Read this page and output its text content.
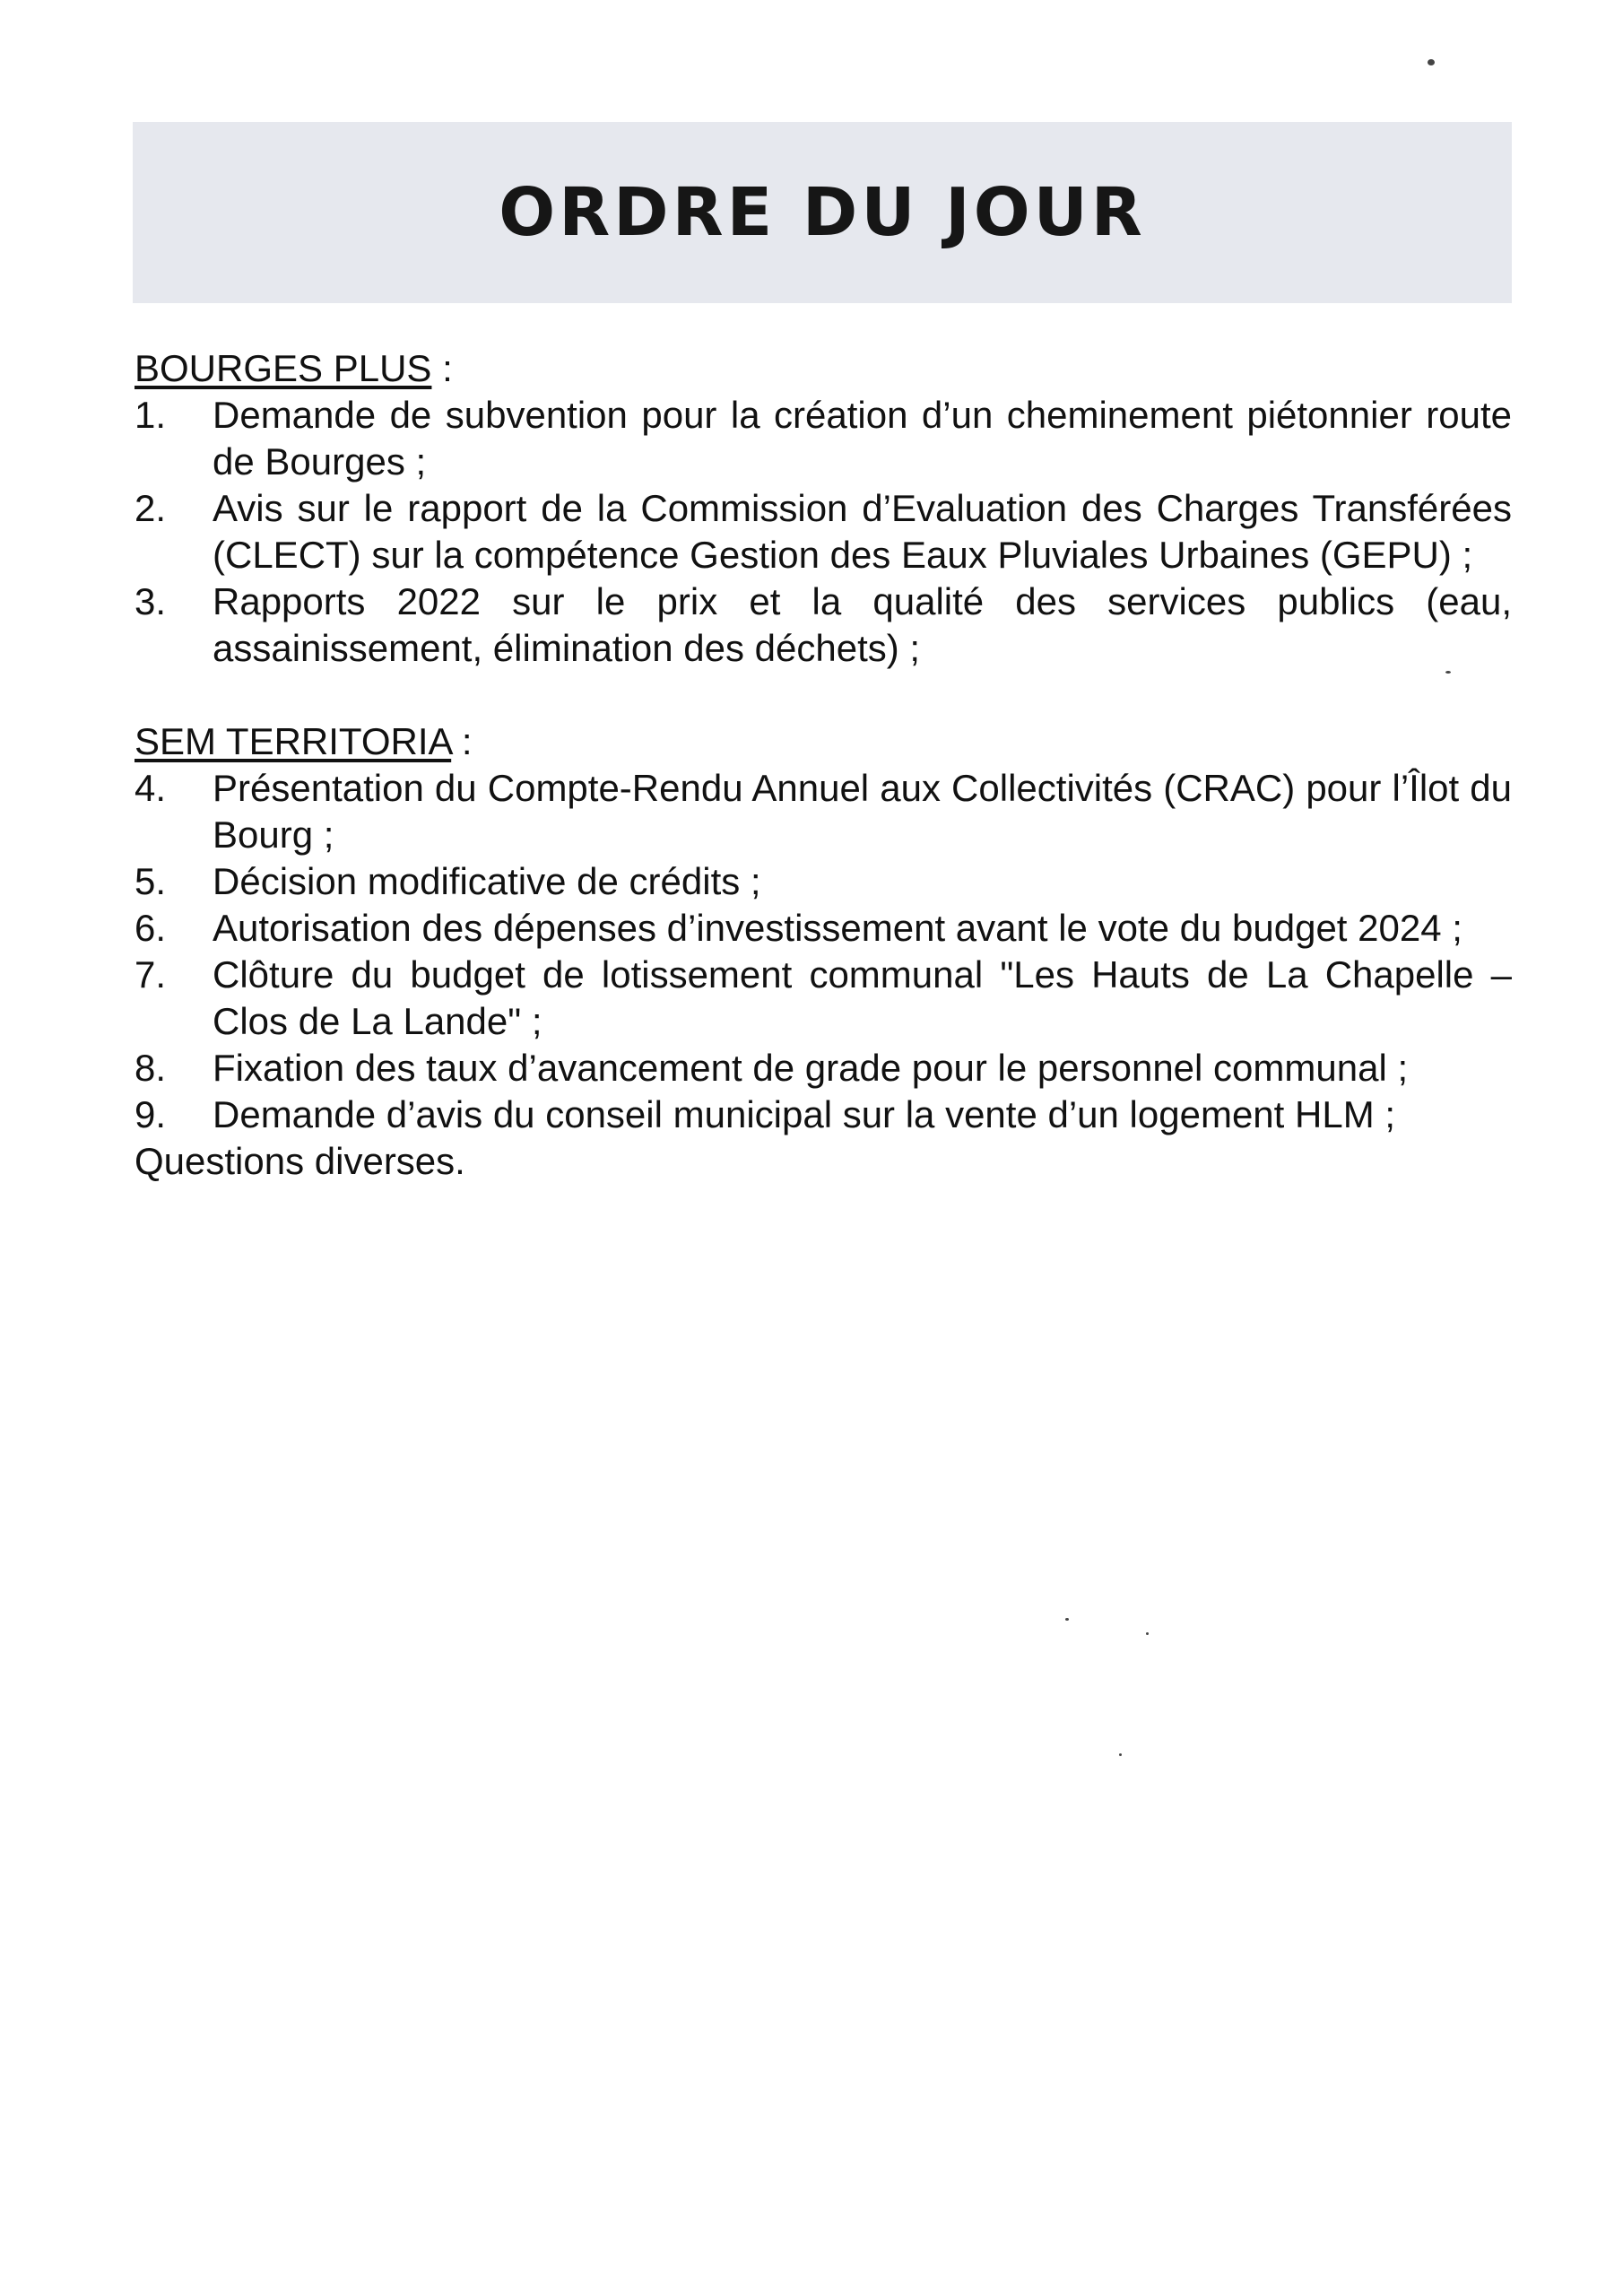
ORDRE DU JOUR

BOURGES PLUS :

1.	Demande de subvention pour la création d’un cheminement piétonnier route de Bourges ;
2.	Avis sur le rapport de la Commission d’Evaluation des Charges Transférées (CLECT) sur la compétence Gestion des Eaux Pluviales Urbaines (GEPU) ;
3.	Rapports 2022 sur le prix et la qualité des services publics (eau, assainissement, élimination des déchets) ;

SEM TERRITORIA :

4.	Présentation du Compte-Rendu Annuel aux Collectivités (CRAC) pour l’Îlot du Bourg ;
5.	Décision modificative de crédits ;
6.	Autorisation des dépenses d’investissement avant le vote du budget 2024 ;
7.	Clôture du budget de lotissement communal "Les Hauts de La Chapelle – Clos de La Lande" ;
8.	Fixation des taux d’avancement de grade pour le personnel communal ;
9.	Demande d’avis du conseil municipal sur la vente d’un logement HLM ;

Questions diverses.
